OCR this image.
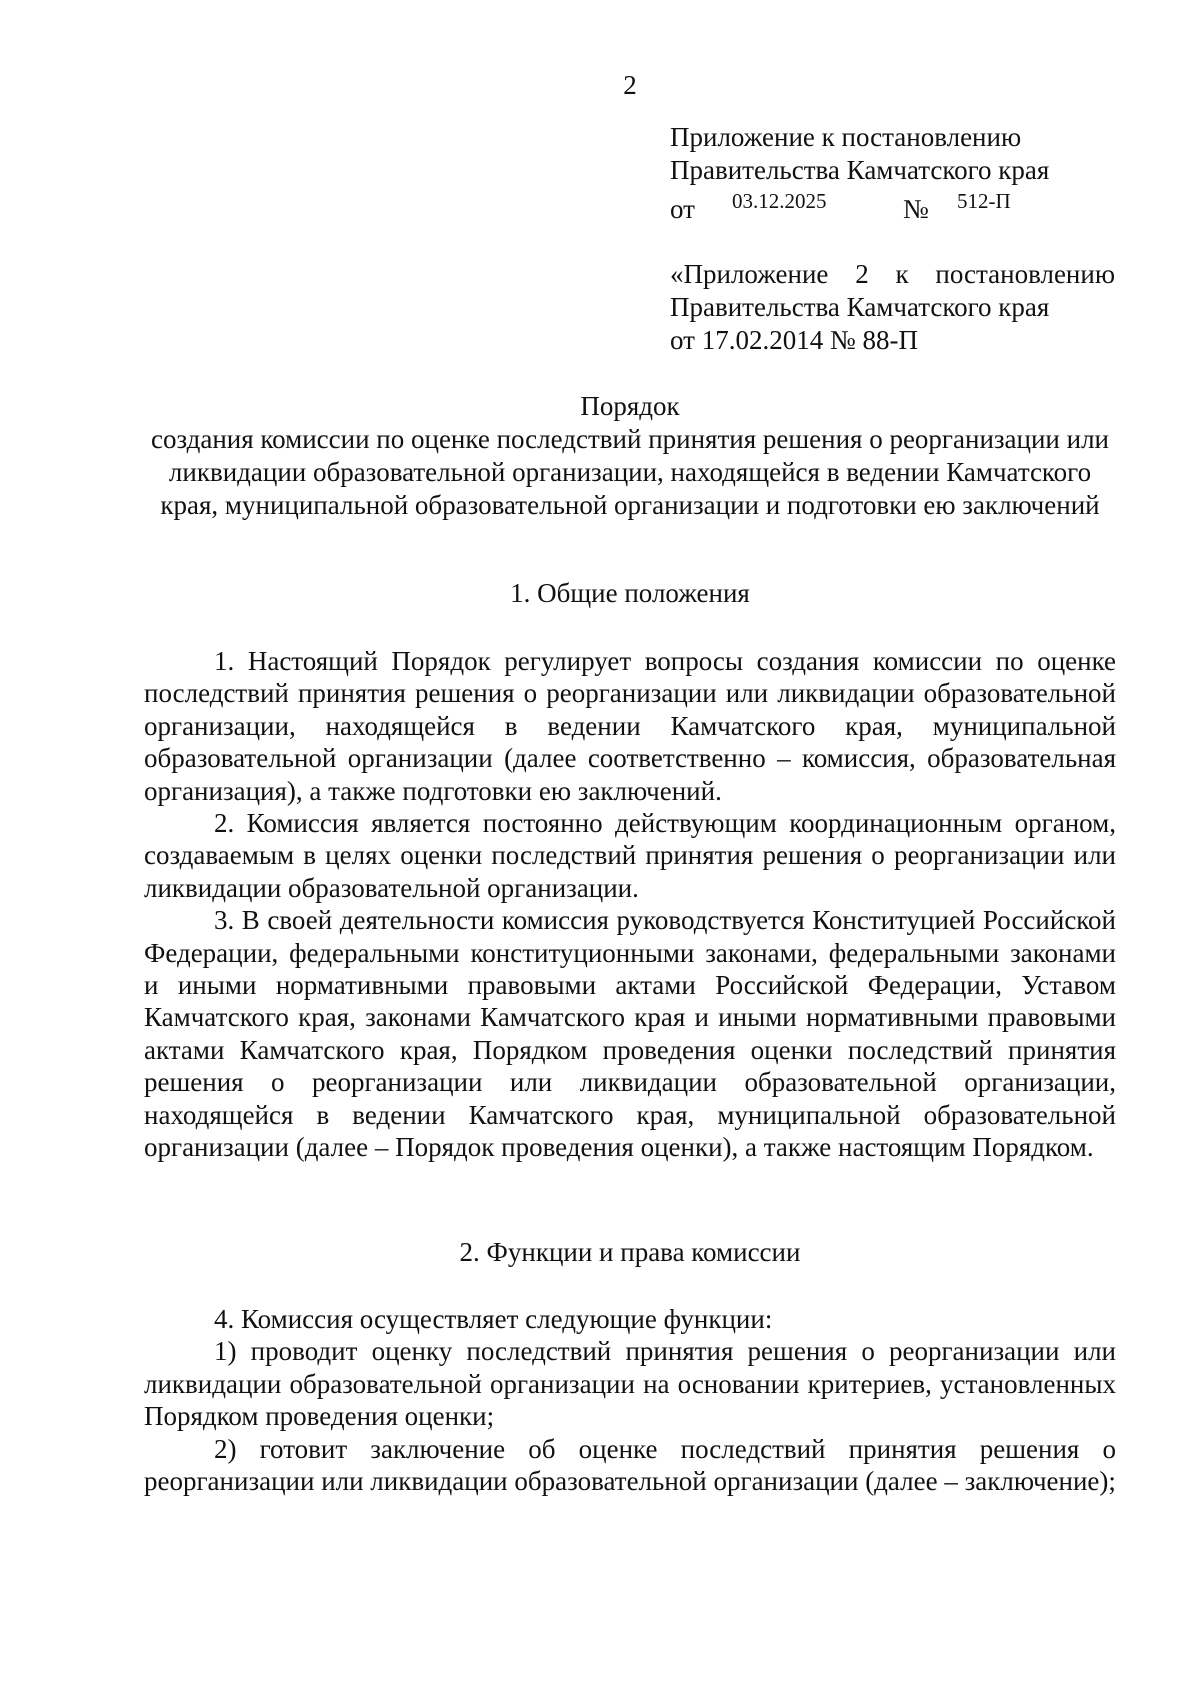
2
Приложение к постановлению
Правительства Камчатского края
от 03.12.2025	№ 512-П
«Приложение 2 к постановлению
Правительства Камчатского края
от 17.02.2014 № 88-П
Порядок
создания комиссии по оценке последствий принятия решения о реорганизации или ликвидации образовательной организации, находящейся в ведении Камчатского края, муниципальной образовательной организации и подготовки ею заключений
1. Общие положения

1. Настоящий Порядок регулирует вопросы создания комиссии по оценке последствий принятия решения о реорганизации или ликвидации образовательной организации, находящейся в ведении Камчатского края, муниципальной образовательной организации (далее соответственно – комиссия, образовательная организация), а также подготовки ею заключений.

2. Комиссия является постоянно действующим координационным органом, создаваемым в целях оценки последствий принятия решения о реорганизации или ликвидации образовательной организации.

3. В своей деятельности комиссия руководствуется Конституцией Российской Федерации, федеральными конституционными законами, федеральными законами и иными нормативными правовыми актами Российской Федерации, Уставом Камчатского края, законами Камчатского края и иными нормативными правовыми актами Камчатского края, Порядком проведения оценки последствий принятия решения о реорганизации или ликвидации образовательной организации, находящейся в ведении Камчатского края, муниципальной образовательной организации (далее – Порядок проведения оценки), а также настоящим Порядком.

2. Функции и права комиссии

4. Комиссия осуществляет следующие функции:

1) проводит оценку последствий принятия решения о реорганизации или ликвидации образовательной организации на основании критериев, установленных Порядком проведения оценки;

2) готовит заключение об оценке последствий принятия решения о реорганизации или ликвидации образовательной организации (далее – заключение);
